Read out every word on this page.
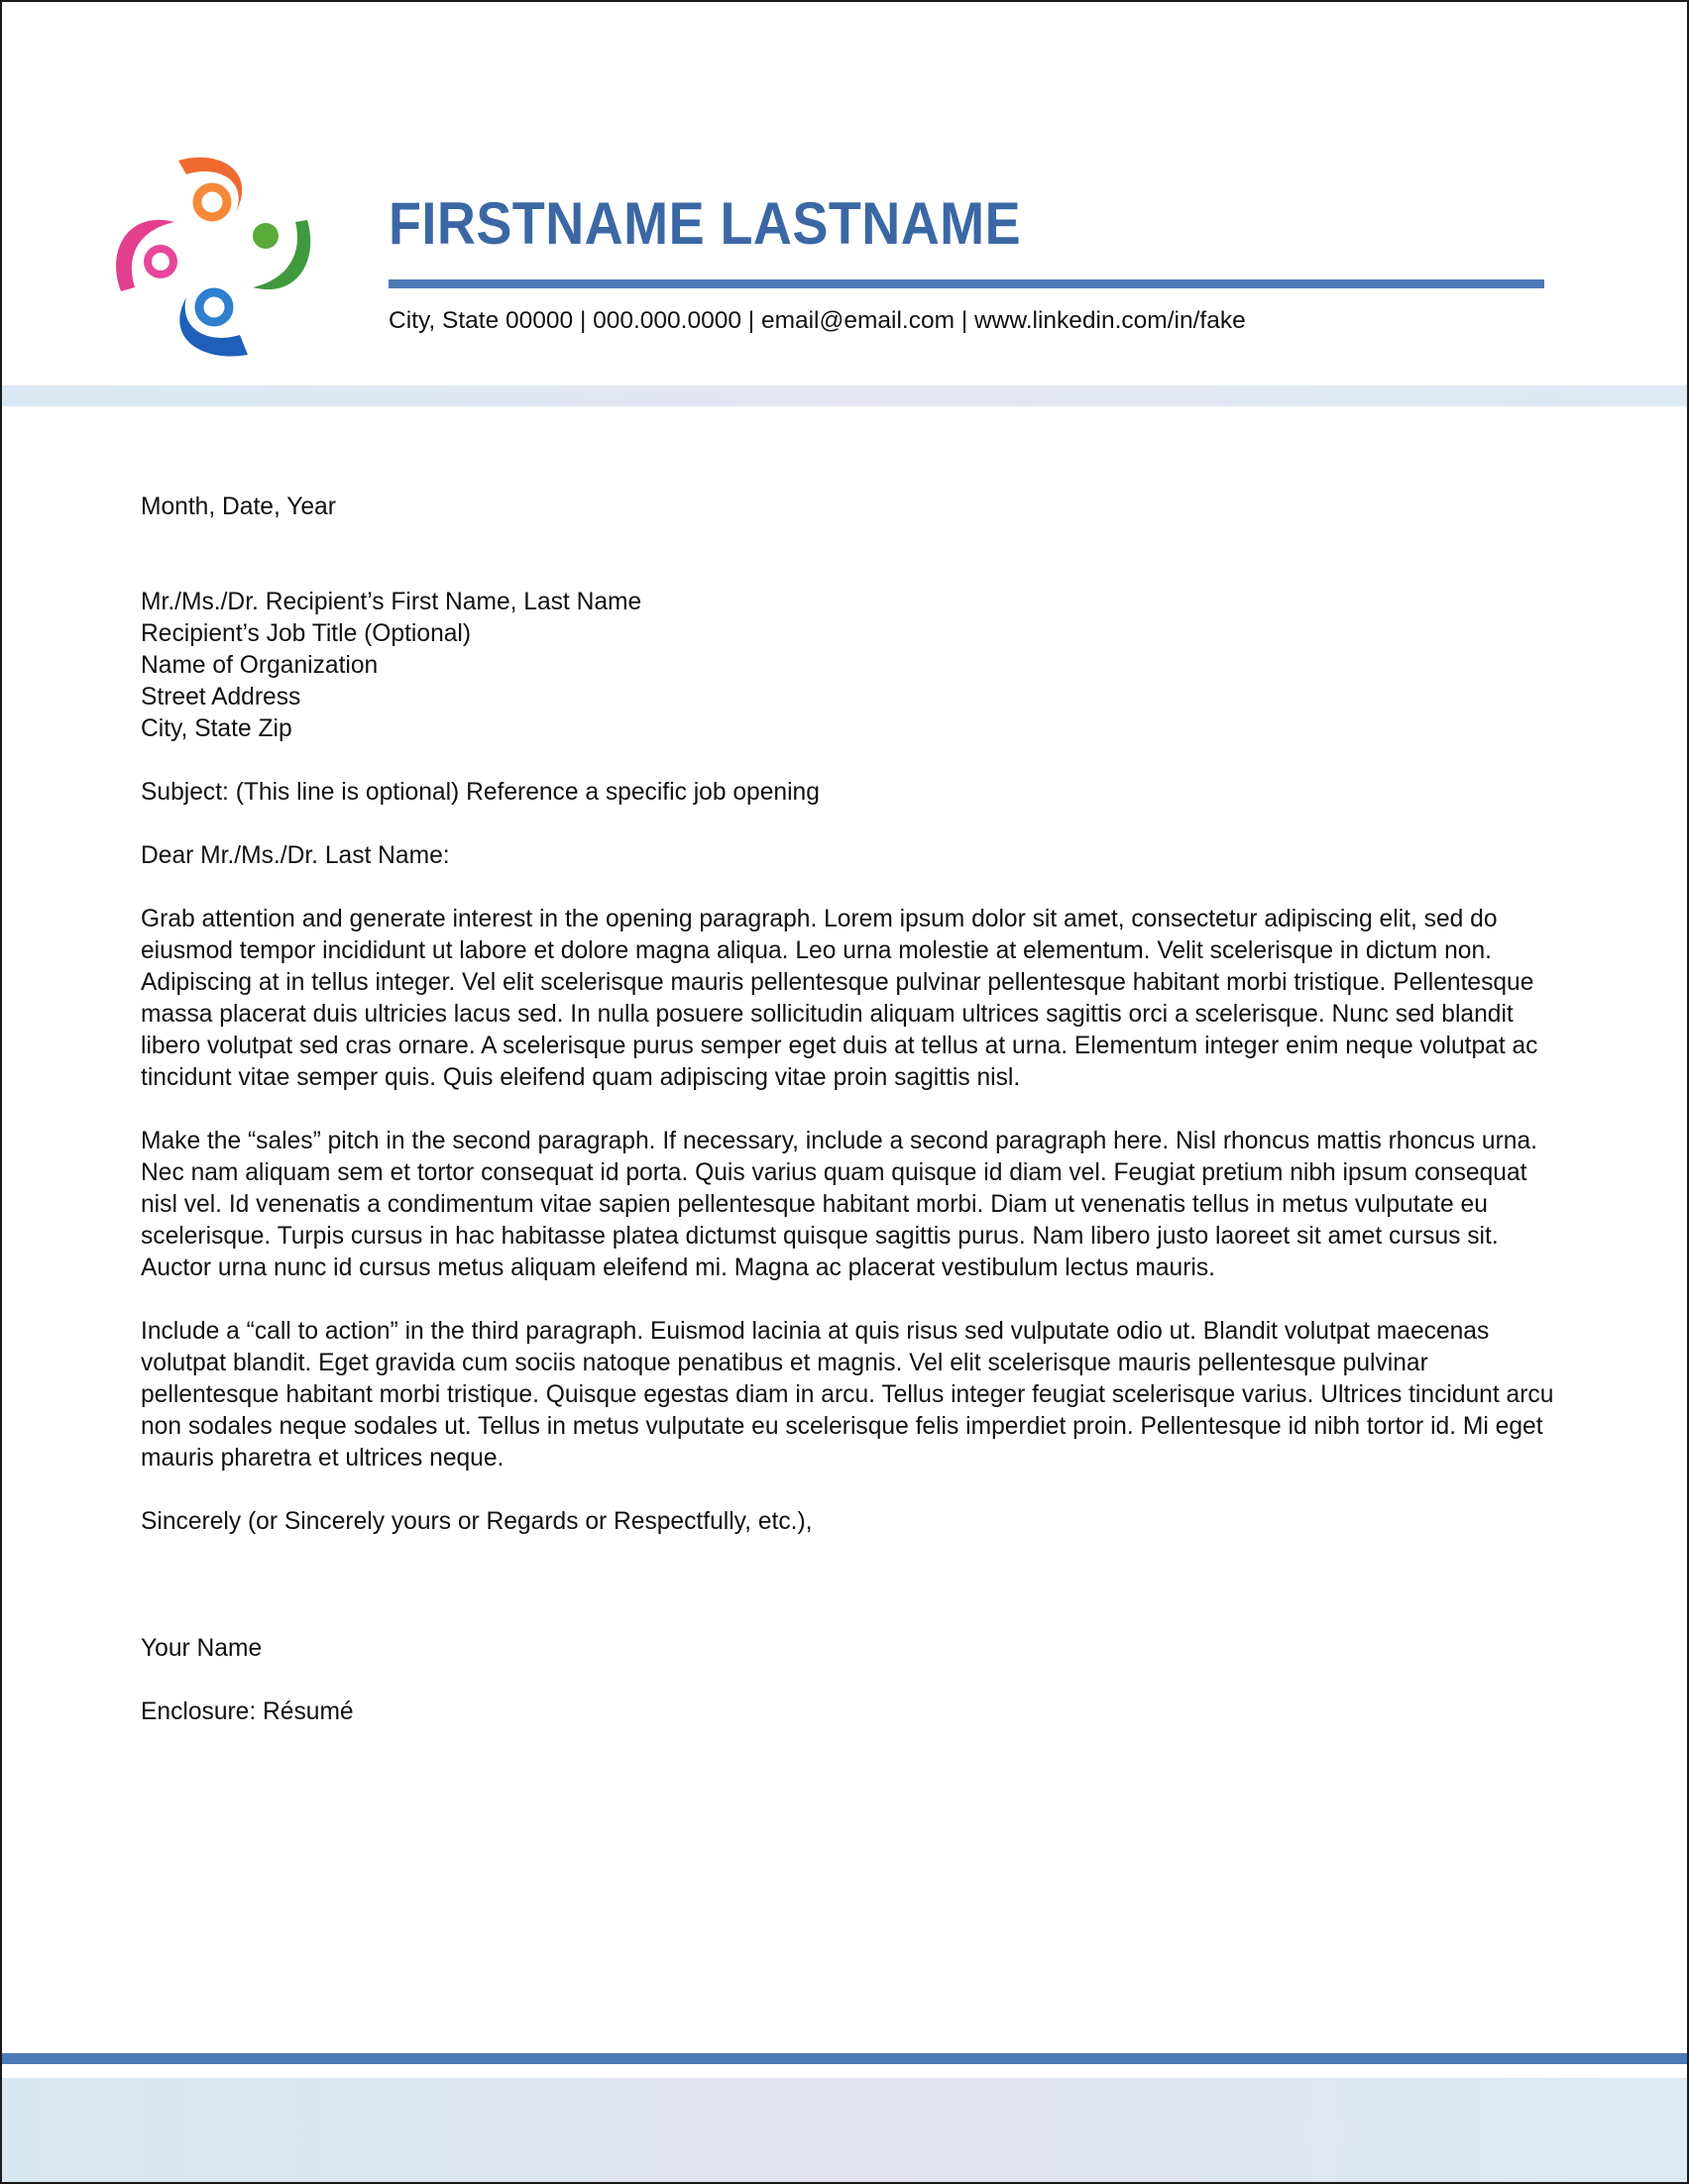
FIRSTNAME LASTNAME
City, State 00000 | 000.000.0000 | email@email.com | www.linkedin.com/in/fake

Month, Date, Year

Mr./Ms./Dr. Recipient’s First Name, Last Name

Recipient’s Job Title (Optional)

Name of Organization

Street Address

City, State Zip

Subject: (This line is optional) Reference a specific job opening

Dear Mr./Ms./Dr. Last Name:

Grab attention and generate interest in the opening paragraph. Lorem ipsum dolor sit amet, consectetur adipiscing elit, sed do eiusmod tempor incididunt ut labore et dolore magna aliqua. Leo urna molestie at elementum. Velit scelerisque in dictum non. Adipiscing at in tellus integer. Vel elit scelerisque mauris pellentesque pulvinar pellentesque habitant morbi tristique. Pellentesque massa placerat duis ultricies lacus sed. In nulla posuere sollicitudin aliquam ultrices sagittis orci a scelerisque. Nunc sed blandit libero volutpat sed cras ornare. A scelerisque purus semper eget duis at tellus at urna. Elementum integer enim neque volutpat ac tincidunt vitae semper quis. Quis eleifend quam adipiscing vitae proin sagittis nisl.

Make the “sales” pitch in the second paragraph. If necessary, include a second paragraph here. Nisl rhoncus mattis rhoncus urna. Nec nam aliquam sem et tortor consequat id porta. Quis varius quam quisque id diam vel. Feugiat pretium nibh ipsum consequat nisl vel. Id venenatis a condimentum vitae sapien pellentesque habitant morbi. Diam ut venenatis tellus in metus vulputate eu scelerisque. Turpis cursus in hac habitasse platea dictumst quisque sagittis purus. Nam libero justo laoreet sit amet cursus sit. Auctor urna nunc id cursus metus aliquam eleifend mi. Magna ac placerat vestibulum lectus mauris.

Include a “call to action” in the third paragraph. Euismod lacinia at quis risus sed vulputate odio ut. Blandit volutpat maecenas volutpat blandit. Eget gravida cum sociis natoque penatibus et magnis. Vel elit scelerisque mauris pellentesque pulvinar pellentesque habitant morbi tristique. Quisque egestas diam in arcu. Tellus integer feugiat scelerisque varius. Ultrices tincidunt arcu non sodales neque sodales ut. Tellus in metus vulputate eu scelerisque felis imperdiet proin. Pellentesque id nibh tortor id. Mi eget mauris pharetra et ultrices neque.

Sincerely (or Sincerely yours or Regards or Respectfully, etc.),

Your Name

Enclosure: Résumé
